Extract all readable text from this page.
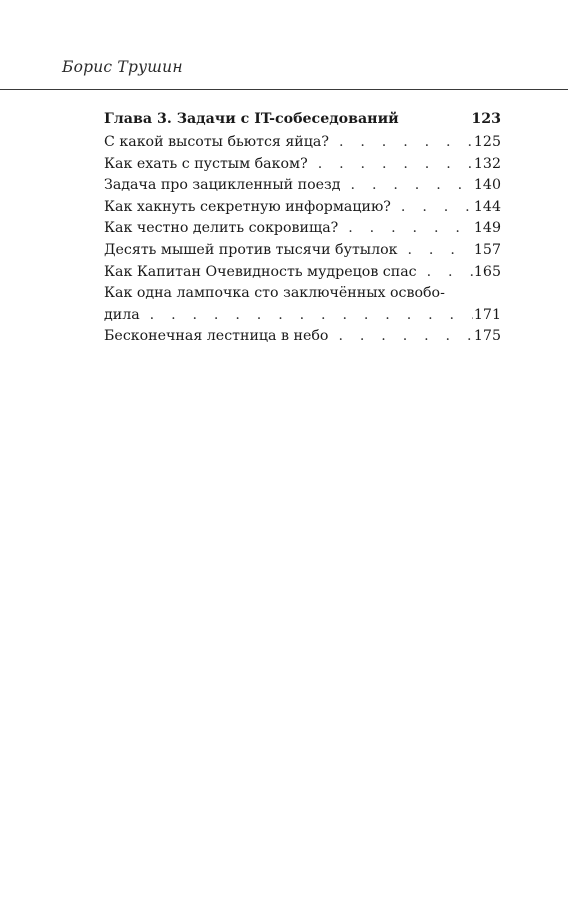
Борис Трушин
Глава 3. Задачи с IT-собеседований	123
С какой высоты бьются яйца? . . .	125
Как ехать с пустым баком? . . .	132
Задача про зацикленный поезд . . .	140
Как хакнуть секретную информацию? . . .	144
Как честно делить сокровища? . . .	149
Десять мышей против тысячи бутылок . . .	157
Как Капитан Очевидность мудрецов спас . . .	165
Как одна лампочка сто заключённых освобо-
дила . . .	171
Бесконечная лестница в небо . . .	175
